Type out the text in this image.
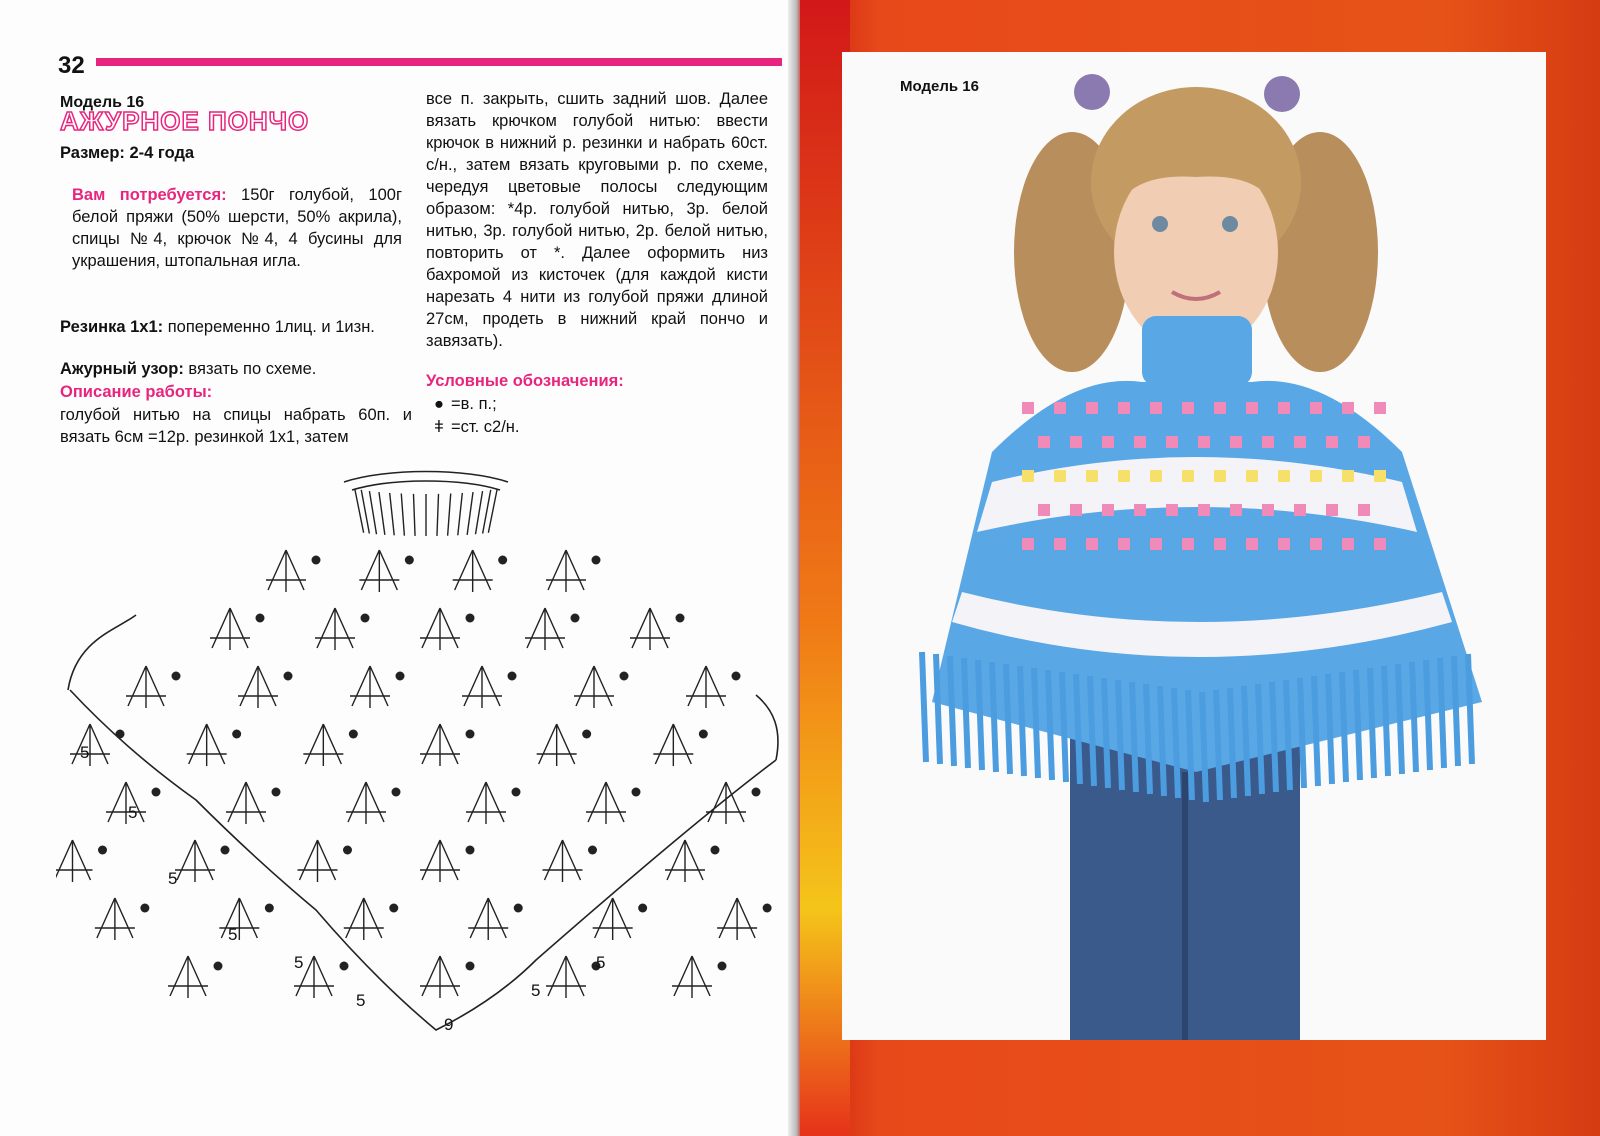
32
Модель 16
АЖУРНОЕ ПОНЧО
Размер: 2-4 года
Вам потребуется: 150г голубой, 100г белой пряжи (50% шерсти, 50% акрила), спицы №4, крючок №4, 4 бусины для украшения, штопальная игла.
Резинка 1х1: попеременно 1лиц. и 1изн.
Ажурный узор: вязать по схеме.
Описание работы:
голубой нитью на спицы набрать 60п. и вязать 6см =12р. резинкой 1х1, затем
все п. закрыть, сшить задний шов. Далее вязать крючком голубой нитью: ввести крючок в нижний р. резинки и набрать 60ст. с/н., затем вязать круговыми р. по схеме, чередуя цветовые полосы следующим образом: *4р. голубой нитью, 3р. белой нитью, 3р. голубой нитью, 2р. белой нитью, повторить от *. Далее оформить низ бахромой из кисточек (для каждой кисти нарезать 4 нити из голубой пряжи длиной 27см, продеть в нижний край пончо и завязать).
Условные обозначения:
● =в. п.;
ǂ =ст. с2/н.
5
5
5
5
5
5
5
5
9
Модель 16
